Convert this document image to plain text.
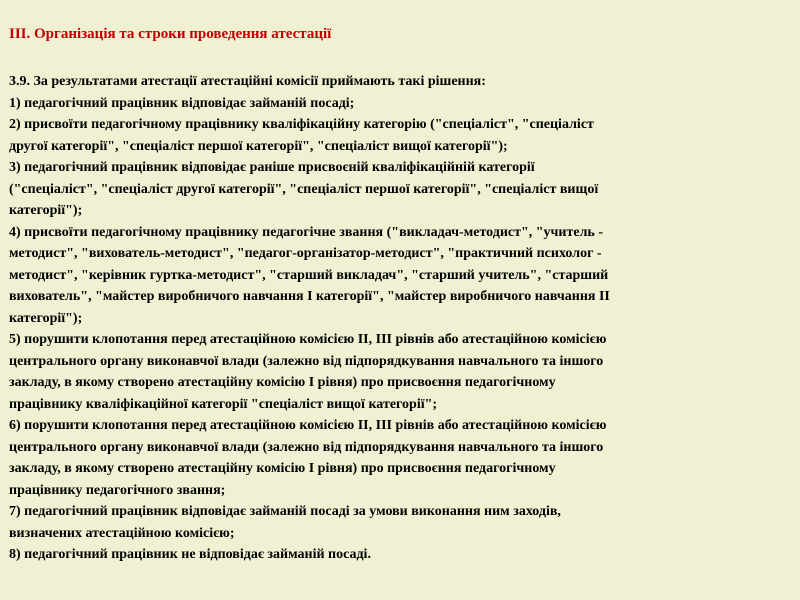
ІІІ. Організація та строки проведення атестації
3.9. За результатами атестації атестаційні комісії приймають такі рішення:
1) педагогічний працівник відповідає займаній посаді;
2) присвоїти педагогічному працівнику кваліфікаційну категорію ("спеціаліст", "спеціаліст
другої категорії", "спеціаліст першої категорії", "спеціаліст вищої категорії");
3) педагогічний працівник відповідає раніше присвоєній кваліфікаційній категорії
("спеціаліст", "спеціаліст другої категорії", "спеціаліст першої категорії", "спеціаліст вищої
категорії");
4) присвоїти педагогічному працівнику педагогічне звання ("викладач-методист", "учитель -
методист", "вихователь-методист", "педагог-організатор-методист", "практичний психолог -
методист", "керівник гуртка-методист", "старший викладач", "старший учитель", "старший
вихователь", "майстер виробничого навчання I категорії", "майстер виробничого навчання II
категорії");
5) порушити клопотання перед атестаційною комісією II, III рівнів або атестаційною комісією
центрального органу виконавчої влади (залежно від підпорядкування навчального та іншого
закладу, в якому створено атестаційну комісію I рівня) про присвоєння педагогічному
працівнику кваліфікаційної категорії "спеціаліст вищої категорії";
6) порушити клопотання перед атестаційною комісією II, III рівнів або атестаційною комісією
центрального органу виконавчої влади (залежно від підпорядкування навчального та іншого
закладу, в якому створено атестаційну комісію I рівня) про присвоєння педагогічному
працівнику педагогічного звання;
7) педагогічний працівник відповідає займаній посаді за умови виконання ним заходів,
визначених атестаційною комісією;
8) педагогічний працівник не відповідає займаній посаді.
